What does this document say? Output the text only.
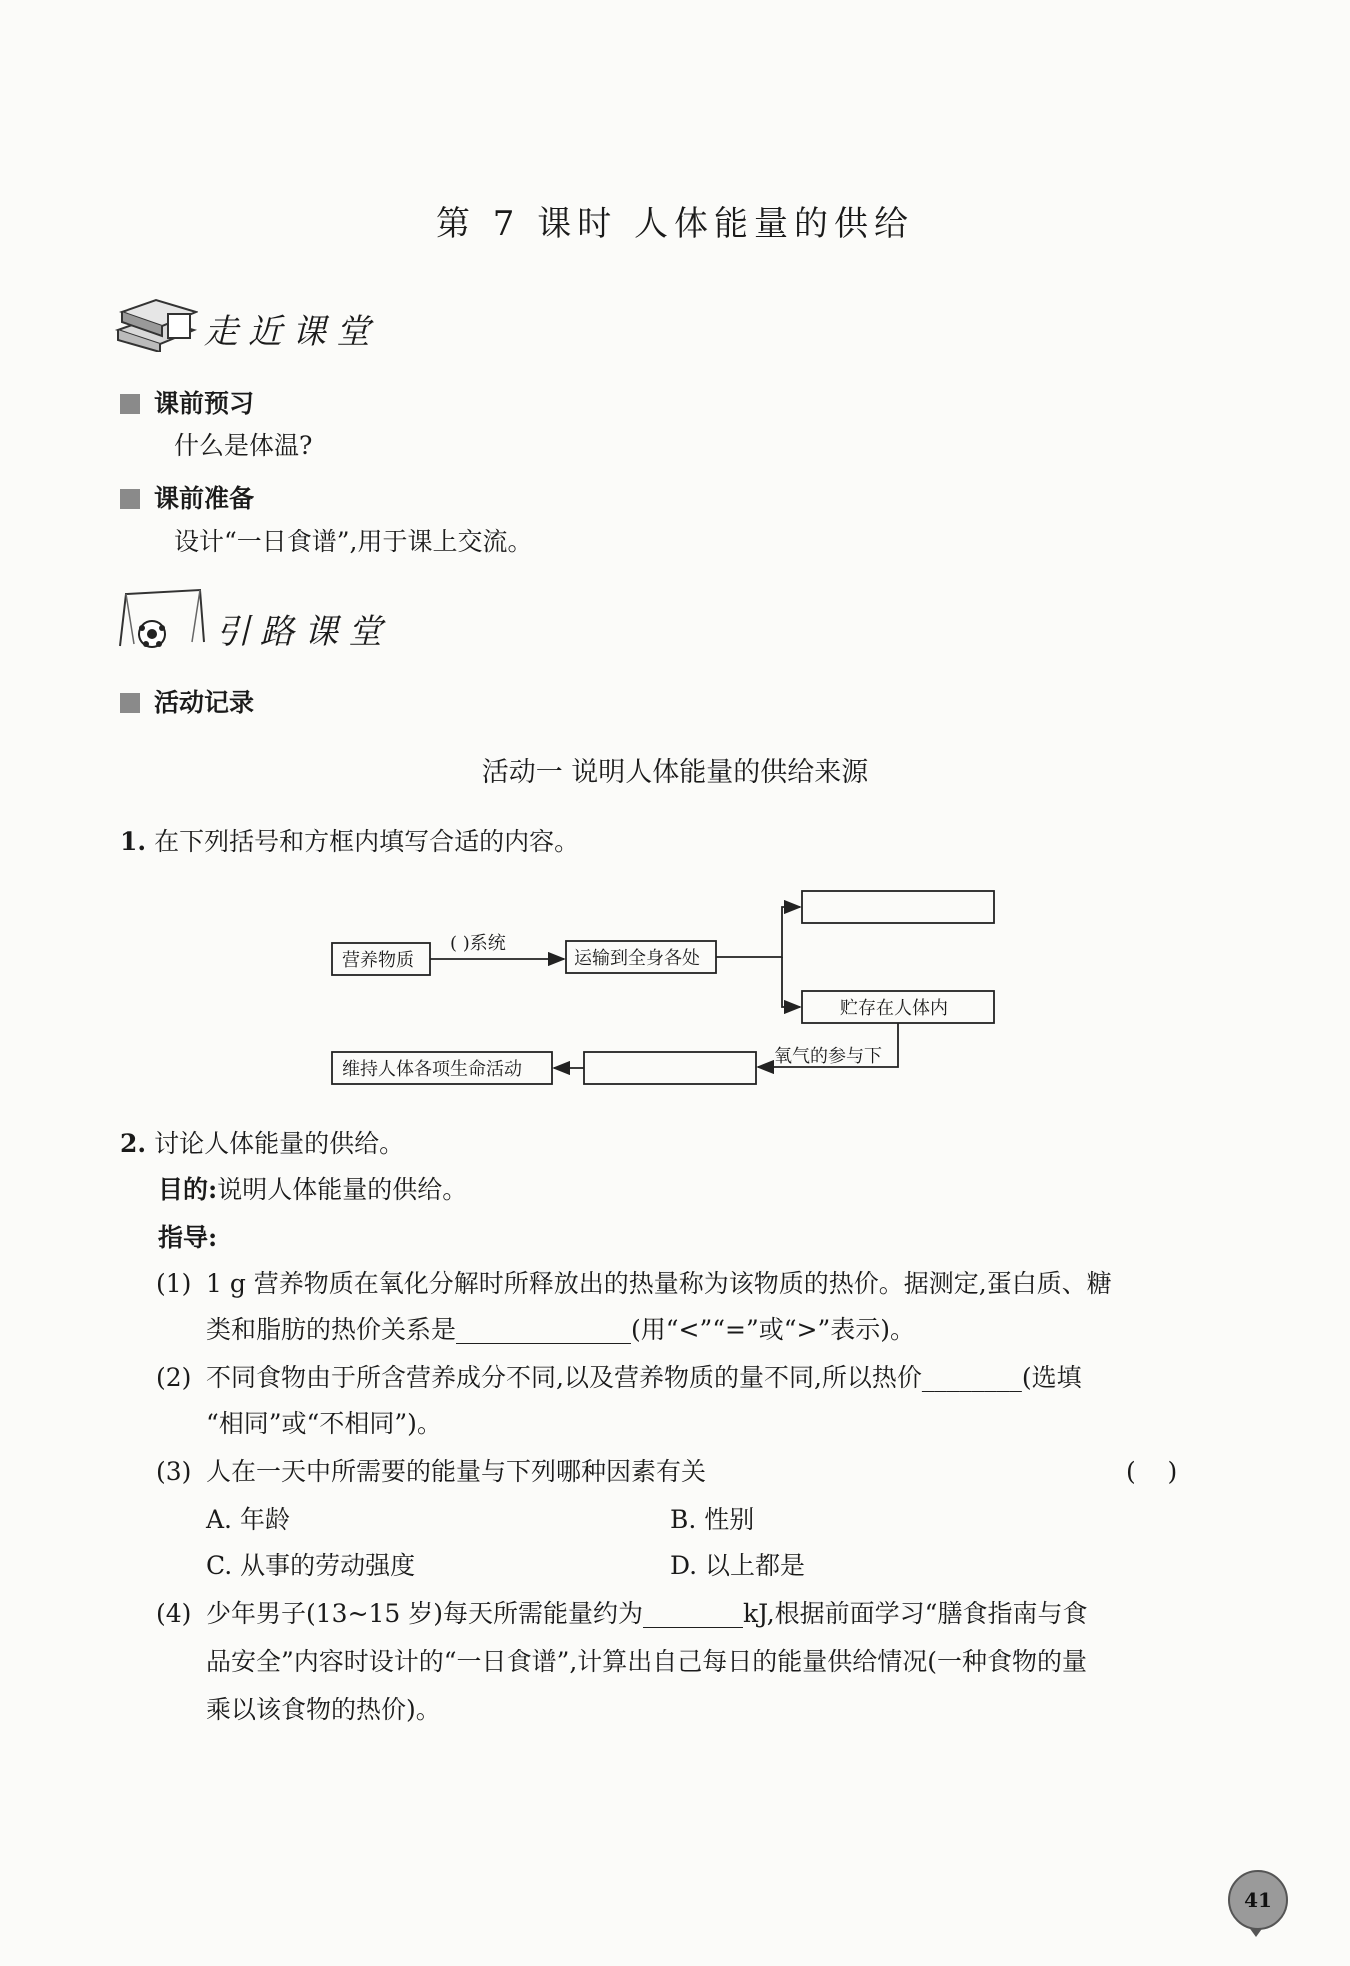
第 7 课时 人体能量的供给
走近课堂
课前预习
什么是体温?
课前准备
设计“一日食谱”,用于课上交流。
引路课堂
活动记录
活动一 说明人体能量的供给来源
1. 在下列括号和方框内填写合适的内容。
营养物质
( )系统
运输到全身各处
贮存在人体内
氧气的参与下
维持人体各项生命活动
2. 讨论人体能量的供给。
目的:说明人体能量的供给。
指导:
(1) 1 g 营养物质在氧化分解时所释放出的热量称为该物质的热价。据测定,蛋白质、糖
类和脂肪的热价关系是______________(用“<”“=”或“>”表示)。
(2) 不同食物由于所含营养成分不同,以及营养物质的量不同,所以热价________(选填
“相同”或“不相同”)。
(3) 人在一天中所需要的能量与下列哪种因素有关	(    )
A. 年龄	B. 性别
C. 从事的劳动强度	D. 以上都是
(4) 少年男子(13~15 岁)每天所需能量约为________kJ,根据前面学习“膳食指南与食
品安全”内容时设计的“一日食谱”,计算出自己每日的能量供给情况(一种食物的量
乘以该食物的热价)。
41
